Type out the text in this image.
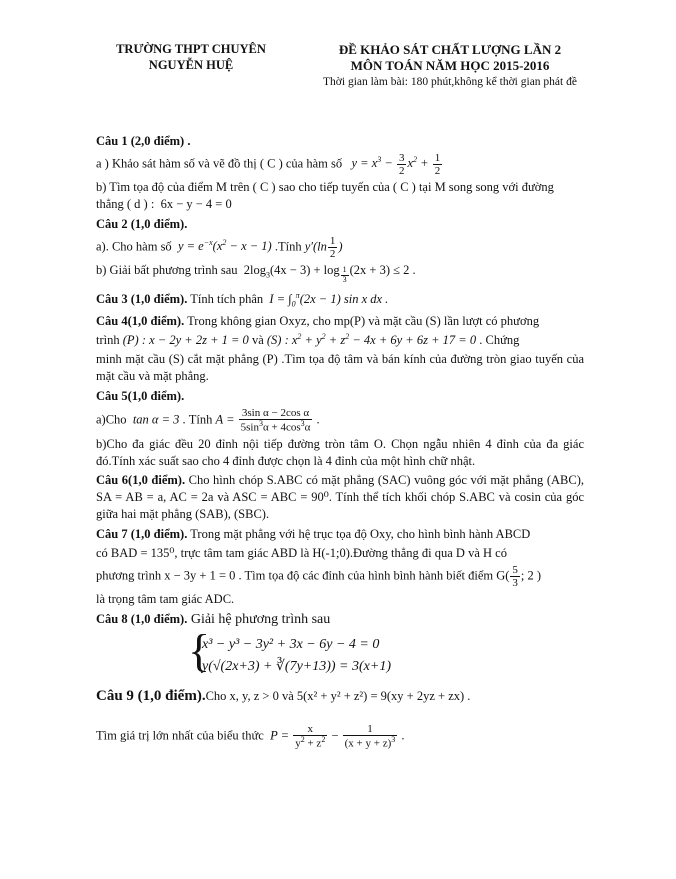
TRƯỜNG THPT CHUYÊN
NGUYỄN HUỆ
ĐỀ KHẢO SÁT CHẤT LƯỢNG LẦN 2
MÔN TOÁN NĂM HỌC 2015-2016
Thời gian làm bài: 180 phút,không kể thời gian phát đề
Câu 1 (2,0 điểm) .
a ) Khảo sát hàm số và vẽ đồ thị ( C ) của hàm số $y = x^3 - \frac{3}{2} x^2 + \frac{1}{2}$
b) Tìm tọa độ của điểm M trên ( C ) sao cho tiếp tuyến của ( C ) tại M song song với đường thẳng ( d ) : 6x − y − 4 = 0
Câu 2 (1,0 điểm).
a). Cho hàm số $y = e^{-x}(x^2 - x - 1)$ .Tính $y'(\ln \frac{1}{2}$ )
b) Giải bất phương trình sau  $2\log_3(4x - 3) + \log _{\frac{1}{3}}$ (2x + 3) ≤ 2 .
Câu 3 (1,0 điểm). Tính tích phân  $I = \int_0^\pi(2x - 1)$ sin x dx .
Câu 4(1,0 điểm). Trong không gian Oxyz, cho mp(P) và mặt cầu (S) lần lượt có phương
trình (P) : x − 2y + 2z + 1 = 0 và (S) : $x^2 + y^2 + z^2 - 4x + 6y + 6z + 17 = 0$ . Chứng
minh mặt cầu (S) cắt mặt phẳng (P) .Tìm tọa độ tâm và bán kính của đường tròn giao tuyến của mặt cầu và mặt phẳng.
Câu 5(1,0 điểm).
a)Cho tan α = 3 . Tính $A = \frac{\text{3sin α − 2cos α}}{5\sin^3\alpha + 4\cos^3\alpha}$ .
b)Cho đa giác đều 20 đỉnh nội tiếp đường tròn tâm O. Chọn ngẫu nhiên 4 đỉnh của đa giác đó.Tính xác suất sao cho 4 đỉnh được chọn là 4 đỉnh của một hình chữ nhật.
Câu 6(1,0 điểm). Cho hình chóp S.ABC có mặt phẳng (SAC) vuông góc với mặt phẳng (ABC), SA = AB = a, AC = 2a và ASC = ABC = 90⁰. Tính thể tích khối chóp S.ABC và cosin của góc giữa hai mặt phẳng (SAB), (SBC).
Câu 7 (1,0 điểm). Trong mặt phẳng với hệ trục tọa độ Oxy, cho hình bình hành ABCD
có BAD = 135⁰, trực tâm tam giác ABD là H(-1;0).Đường thẳng đi qua D và H có
phương trình x − 3y + 1 = 0 . Tìm tọa độ các đỉnh của hình bình hành biết điểm $G( \frac{5}{3}$ ; 2 )
là trọng tâm tam giác ADC.
Câu 8 (1,0 điểm). Giải hệ phương trình sau
{
x³ − y³ − 3y² + 3x − 6y − 4 = 0
y(√(2x+3) + ∛(7y+13)) = 3(x+1)
Câu 9 (1,0 điểm).Cho x, y, z > 0 và 5(x² + y² + z²) = 9(xy + 2yz + zx) .
Tìm giá trị lớn nhất của biểu thức $P = \frac{x}{y^2 + z^2} - \frac{1}{(x + y + z)^3}$ .
